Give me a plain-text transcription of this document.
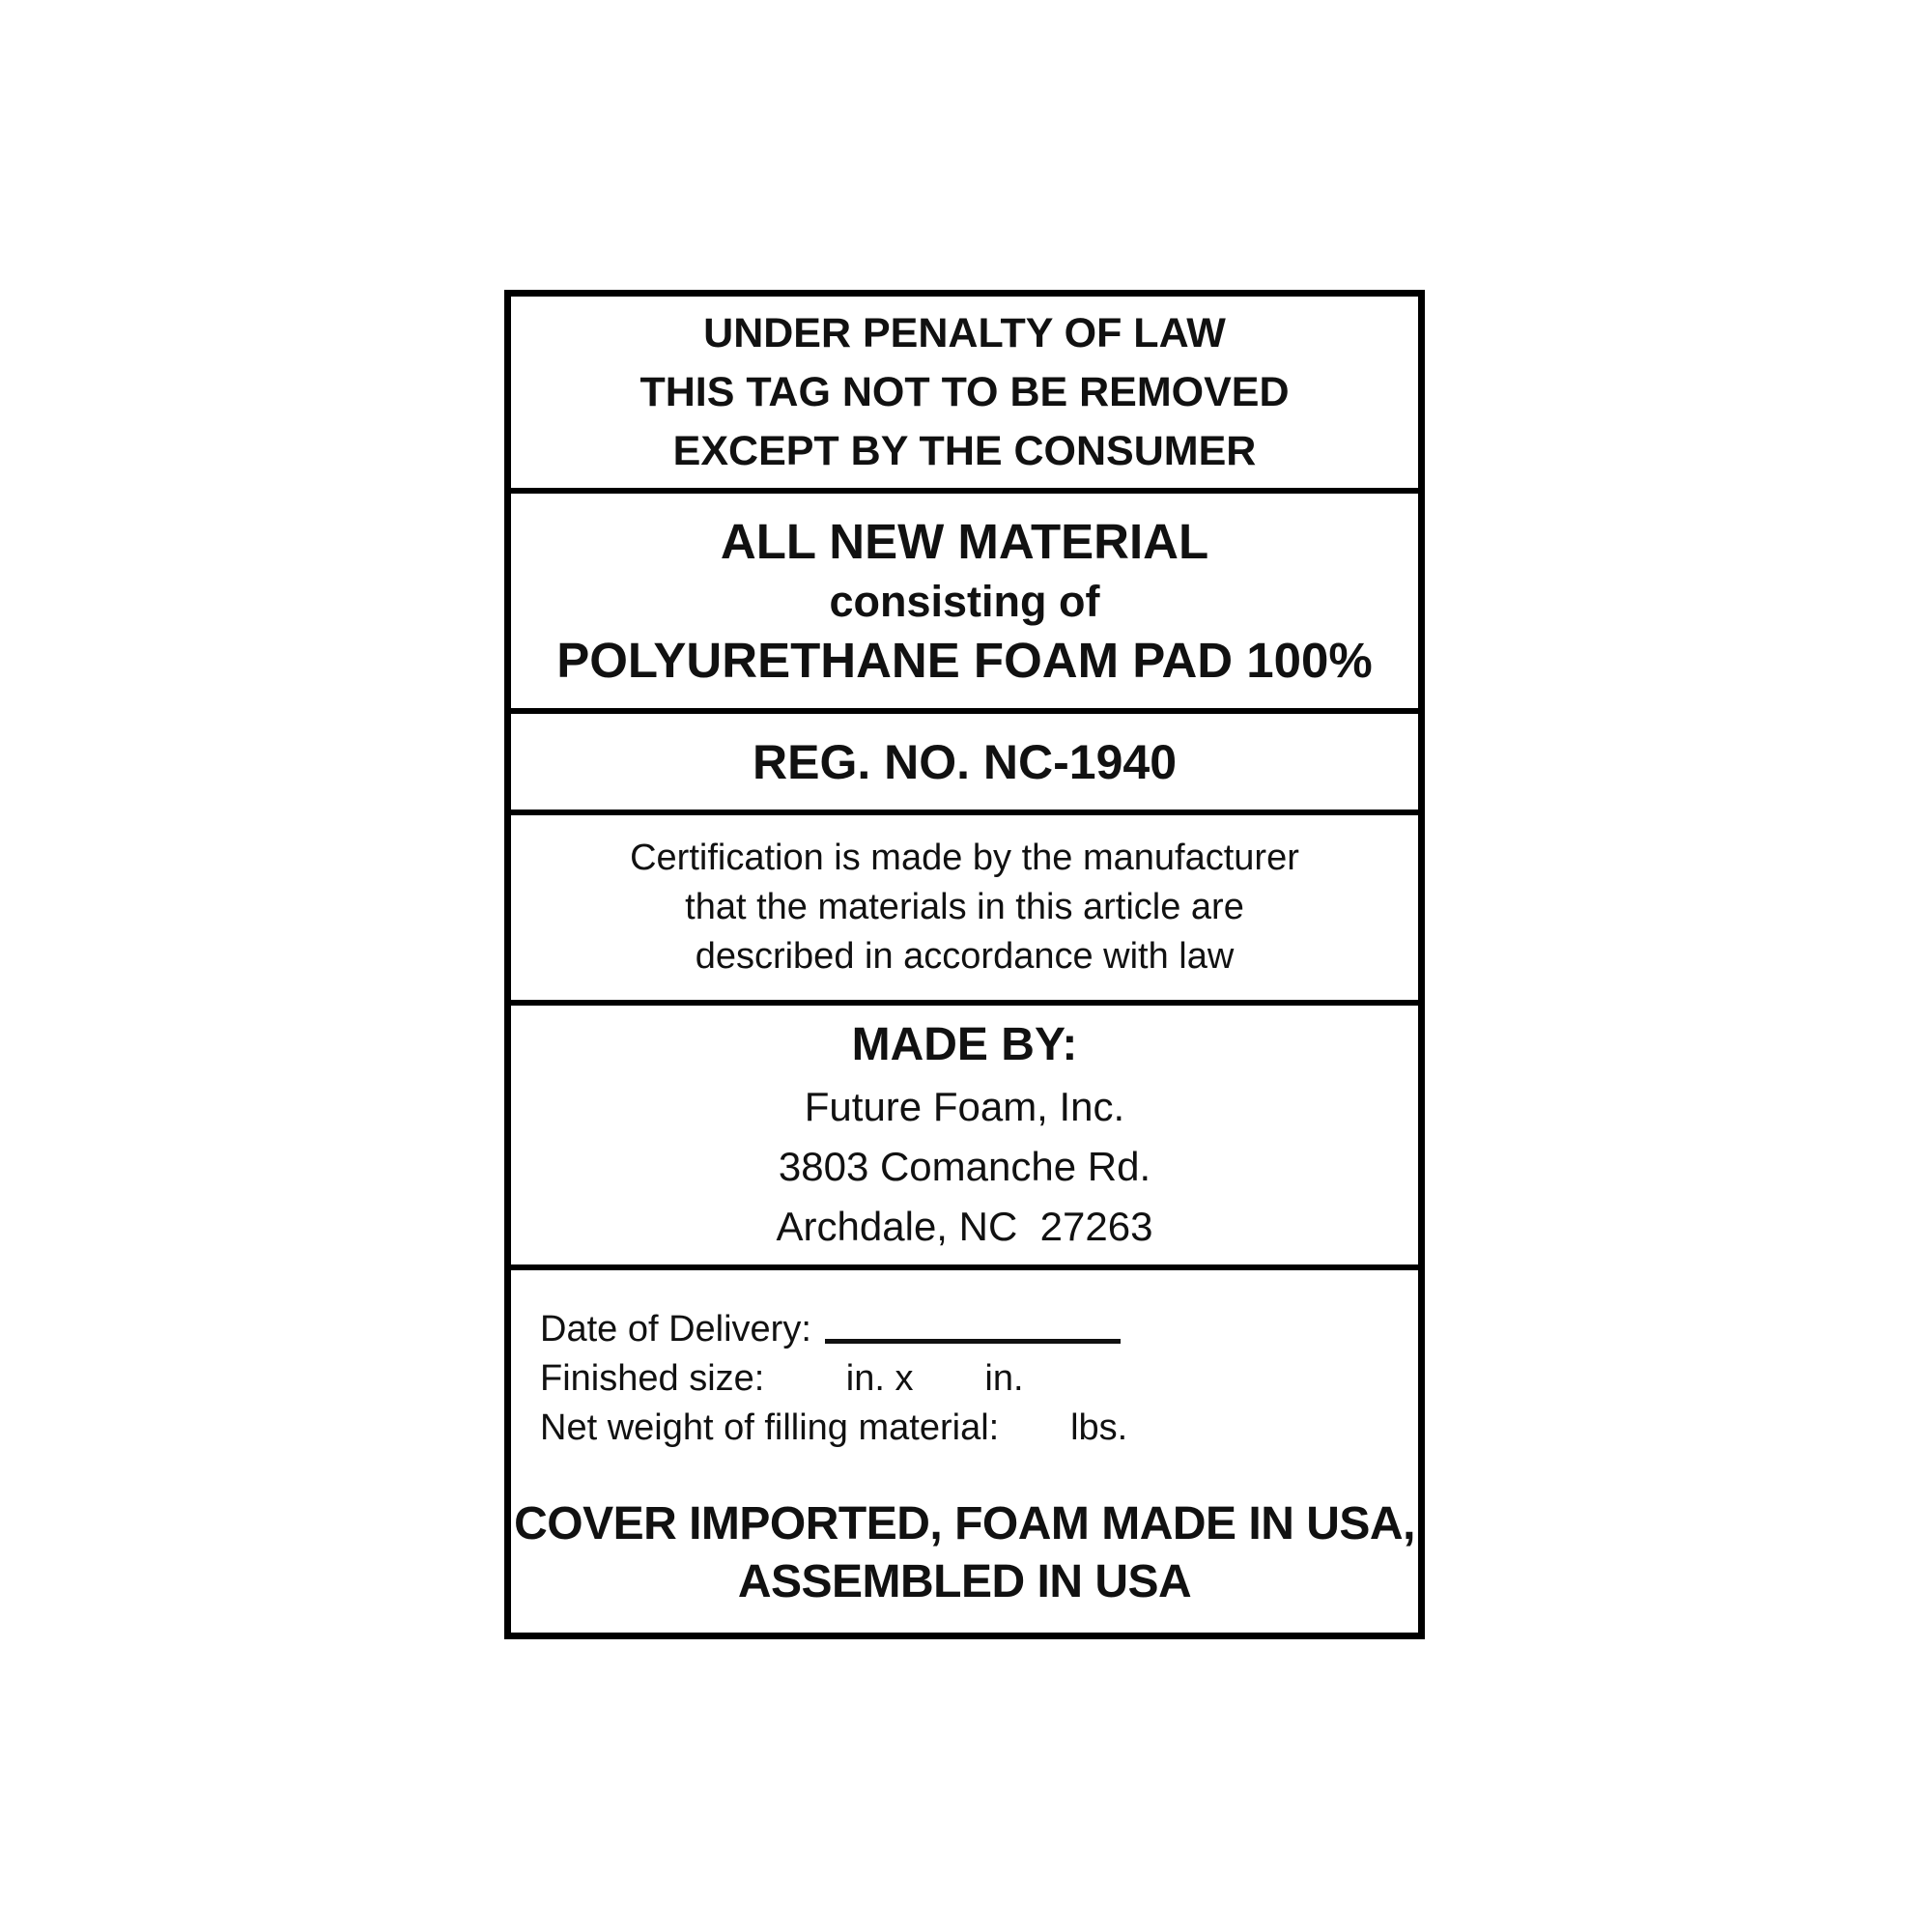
UNDER PENALTY OF LAW
THIS TAG NOT TO BE REMOVED
EXCEPT BY THE CONSUMER
ALL NEW MATERIAL
consisting of
POLYURETHANE FOAM PAD 100%
REG. NO. NC-1940
Certification is made by the manufacturer
that the materials in this article are
described in accordance with law
MADE BY:
Future Foam, Inc.
3803 Comanche Rd.
Archdale, NC  27263
Date of Delivery:
Finished size:        in. x       in.
Net weight of filling material:       lbs.
COVER IMPORTED, FOAM MADE IN USA,
ASSEMBLED IN USA
